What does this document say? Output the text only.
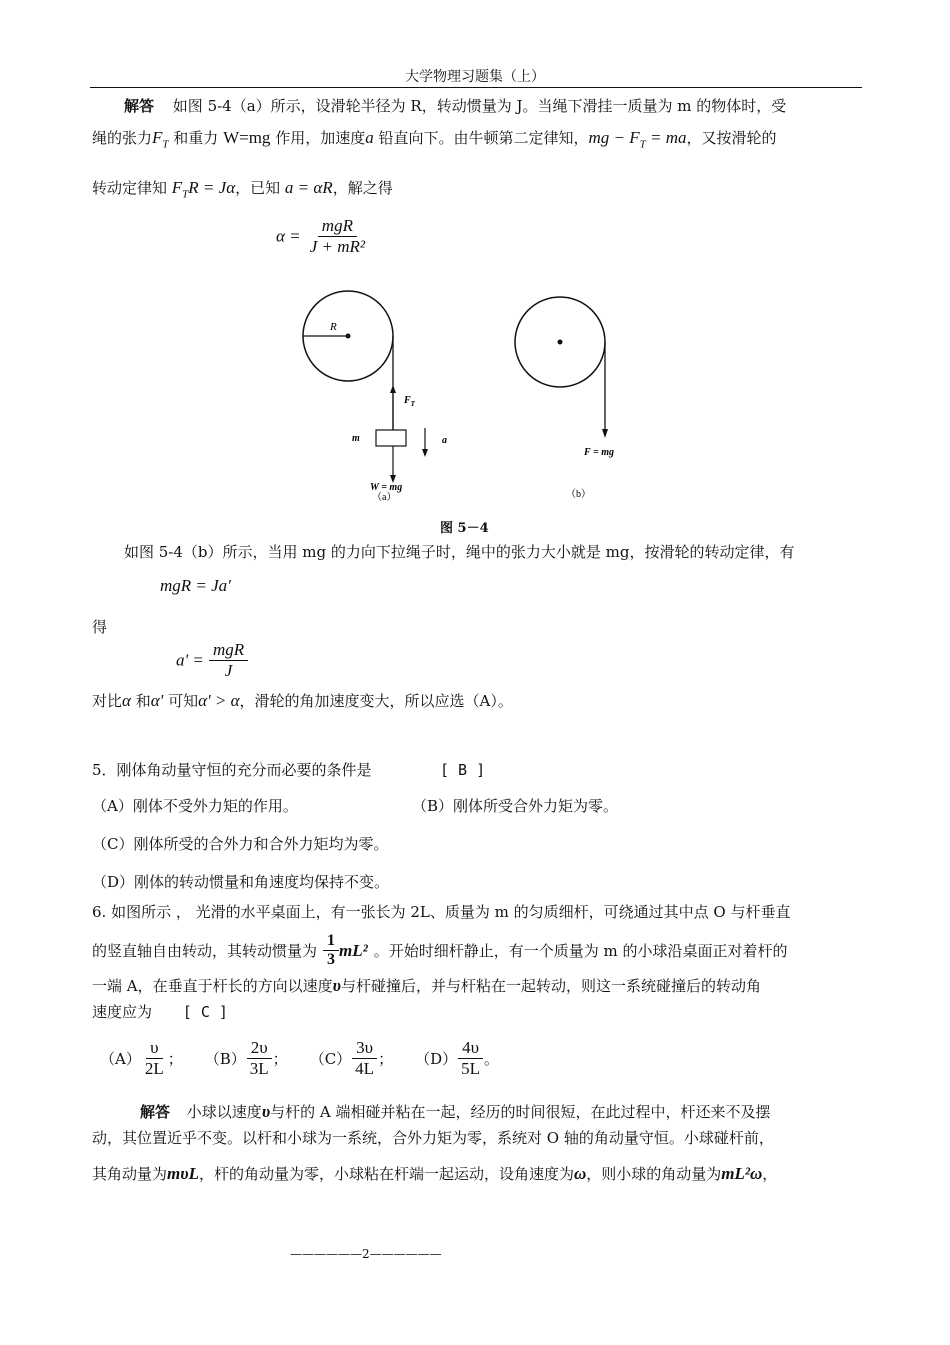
大学物理习题集（上）
解答 如图 5-4（a）所示，设滑轮半径为 R，转动惯量为 J。当绳下滑挂一质量为 m 的物体时，受
绳的张力$F_T$ 和重力 W=mg 作用，加速度a 铅直向下。由牛顿第二定律知，mg − $F_T$ = ma，又按滑轮的
转动定律知 $F_TR = J\alpha$，已知 a = αR，解之得
$\alpha = \frac{\text{mgR}}{\text{J + mR²}}$
R
$F_T$
m	a
W = mg
（a）
F = mg
（b）
图 5－4
如图 5-4（b）所示，当用 mg 的力向下拉绳子时，绳中的张力大小就是 mg，按滑轮的转动定律，有
mgR = Ja'
得
$a' = \frac{\text{mgR}}{J}$
对比α 和α' 可知α' > α，滑轮的角加速度变大，所以应选（A）。
5．刚体角动量守恒的充分而必要的条件是	[ B ]
（A）刚体不受外力矩的作用。	（B）刚体所受合外力矩为零。
（C）刚体所受的合外力和合外力矩均为零。
（D）刚体的转动惯量和角速度均保持不变。
6. 如图所示 ， 光滑的水平桌面上，有一张长为 2L、质量为 m 的匀质细杆，可绕通过其中点 O 与杆垂直
的竖直轴自由转动，其转动惯量为 $\frac{1}{3} mL^2$ 。开始时细杆静止，有一个质量为 m 的小球沿桌面正对着杆的
一端 A，在垂直于杆长的方向以速度υ与杆碰撞后，并与杆粘在一起转动，则这一系统碰撞后的转动角
速度应为 [ C ]
$(A) \frac{\upsilon}{2L}$ ； $(B) \frac{2\upsilon}{3L}$ ； $(C) \frac{3\upsilon}{4L}$ ； $(D) \frac{4\upsilon}{5L}$ 。
解答 小球以速度υ与杆的 A 端相碰并粘在一起，经历的时间很短，在此过程中，杆还来不及摆
动，其位置近乎不变。以杆和小球为一系统，合外力矩为零，系统对 O 轴的角动量守恒。小球碰杆前，
其角动量为mυL，杆的角动量为零，小球粘在杆端一起运动，设角速度为ω，则小球的角动量为mL²ω，
——————2——————
